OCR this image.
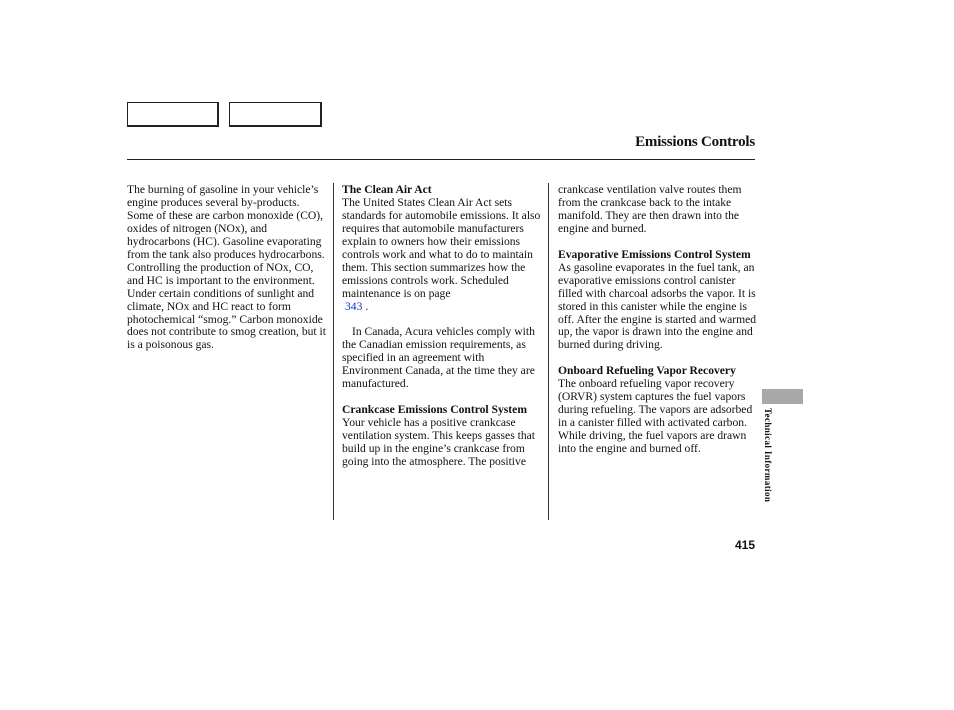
Emissions Controls

The burning of gasoline in your vehicle’s engine produces several by-products. Some of these are carbon monoxide (CO), oxides of nitrogen (NOx), and hydrocarbons (HC). Gasoline evaporating from the tank also produces hydrocarbons. Controlling the production of NOx, CO, and HC is important to the environment. Under certain conditions of sunlight and climate, NOx and HC react to form photochemical “smog.” Carbon monoxide does not contribute to smog creation, but it is a poisonous gas.

The Clean Air Act

The United States Clean Air Act sets standards for automobile emissions. It also requires that automobile manufacturers explain to owners how their emissions controls work and what to do to maintain them. This section summarizes how the emissions controls work. Scheduled maintenance is on page
343 .

In Canada, Acura vehicles comply with the Canadian emission requirements, as specified in an agreement with Environment Canada, at the time they are manufactured.

Crankcase Emissions Control System

Your vehicle has a positive crankcase ventilation system. This keeps gasses that build up in the engine’s crankcase from going into the atmosphere. The positive

crankcase ventilation valve routes them from the crankcase back to the intake manifold. They are then drawn into the engine and burned.

Evaporative Emissions Control System

As gasoline evaporates in the fuel tank, an evaporative emissions control canister filled with charcoal adsorbs the vapor. It is stored in this canister while the engine is off. After the engine is started and warmed up, the vapor is drawn into the engine and burned during driving.

Onboard Refueling Vapor Recovery

The onboard refueling vapor recovery (ORVR) system captures the fuel vapors during refueling. The vapors are adsorbed in a canister filled with activated carbon. While driving, the fuel vapors are drawn into the engine and burned off.	Technical Information
415
